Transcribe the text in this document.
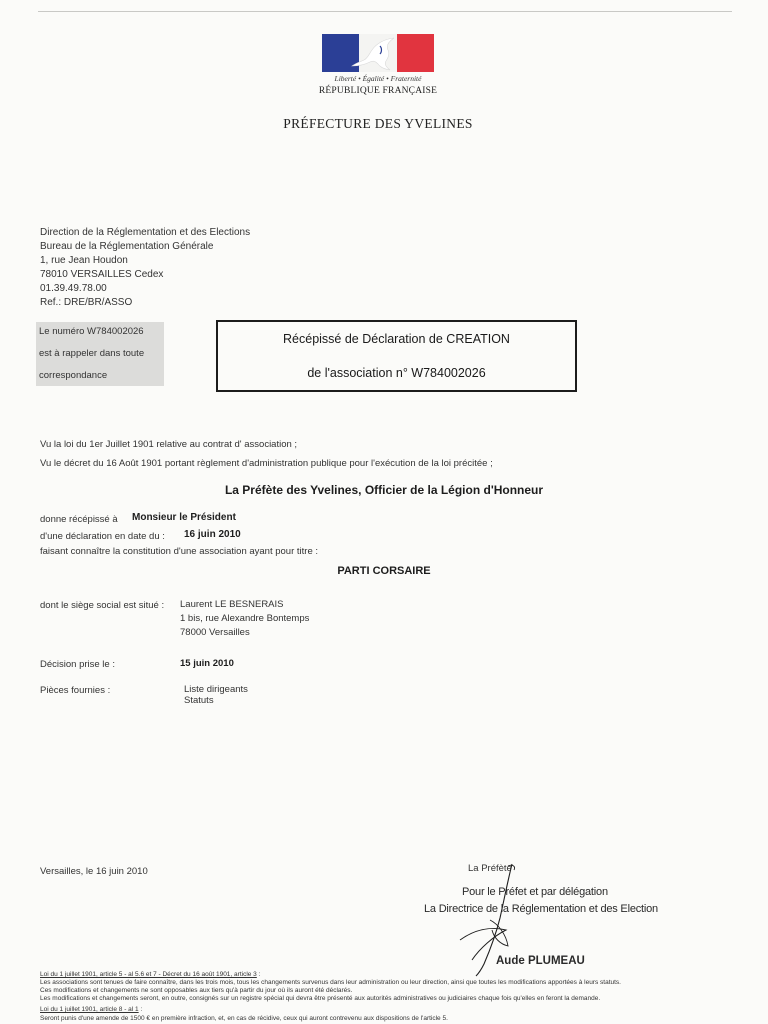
Liberté • Égalité • Fraternité
RÉPUBLIQUE FRANÇAISE
PRÉFECTURE DES YVELINES
Direction de la Réglementation et des Elections
Bureau de la Réglementation Générale
1, rue Jean Houdon
78010 VERSAILLES Cedex
01.39.49.78.00
Ref.: DRE/BR/ASSO
Le numéro W784002026
est à rappeler dans toute
correspondance
Récépissé de Déclaration de CREATION
de l'association n° W784002026
Vu la loi du 1er Juillet 1901 relative au contrat d' association ;
Vu le décret du 16 Août 1901 portant règlement d'administration publique pour l'exécution de la loi précitée ;
La Préfète des Yvelines, Officier de la Légion d'Honneur
donne récépissé à Monsieur le Président
d'une déclaration en date du : 16 juin 2010
faisant connaître la constitution d'une association ayant pour titre :
PARTI CORSAIRE
dont le siège social est situé : Laurent LE BESNERAIS
1 bis, rue Alexandre Bontemps
78000 Versailles
Décision prise le :	15 juin 2010
Pièces fournies :	Liste dirigeants
Statuts
Versailles, le 16 juin 2010	La Préfète
Pour le Préfet et par délégation
La Directrice de la Réglementation et des Election
Aude PLUMEAU
Loi du 1 juillet 1901, article 5 - al 5.6 et 7 - Décret du 16 août 1901, article 3 :
Les associations sont tenues de faire connaître, dans les trois mois, tous les changements survenus dans leur administration ou leur direction, ainsi que toutes les modifications apportées à leurs statuts.
Ces modifications et changements ne sont opposables aux tiers qu'à partir du jour où ils auront été déclarés.
Les modifications et changements seront, en outre, consignés sur un registre spécial qui devra être présenté aux autorités administratives ou judiciaires chaque fois qu'elles en feront la demande.
Loi du 1 juillet 1901, article 8 - al 1 :
Seront punis d'une amende de 1500 € en première infraction, et, en cas de récidive, ceux qui auront contrevenu aux dispositions de l'article 5.
